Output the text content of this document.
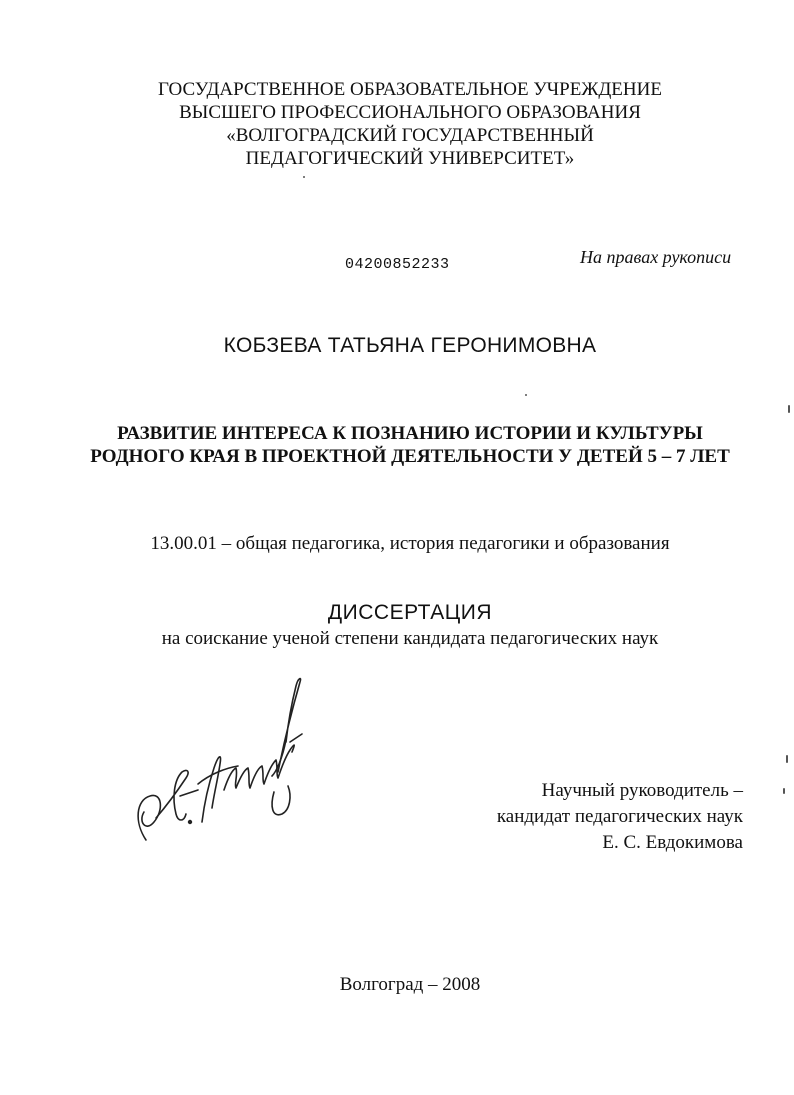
ГОСУДАРСТВЕННОЕ ОБРАЗОВАТЕЛЬНОЕ УЧРЕЖДЕНИЕ
ВЫСШЕГО ПРОФЕССИОНАЛЬНОГО ОБРАЗОВАНИЯ
«ВОЛГОГРАДСКИЙ ГОСУДАРСТВЕННЫЙ
ПЕДАГОГИЧЕСКИЙ УНИВЕРСИТЕТ»
04200852233	На правах рукописи
КОБЗЕВА ТАТЬЯНА ГЕРОНИМОВНА
РАЗВИТИЕ ИНТЕРЕСА К ПОЗНАНИЮ ИСТОРИИ И КУЛЬТУРЫ
РОДНОГО КРАЯ В ПРОЕКТНОЙ ДЕЯТЕЛЬНОСТИ У ДЕТЕЙ 5 – 7 ЛЕТ
13.00.01 – общая педагогика, история педагогики и образования
ДИССЕРТАЦИЯ
на соискание ученой степени кандидата педагогических наук
Научный руководитель –
кандидат педагогических наук
Е. С. Евдокимова
Волгоград – 2008
